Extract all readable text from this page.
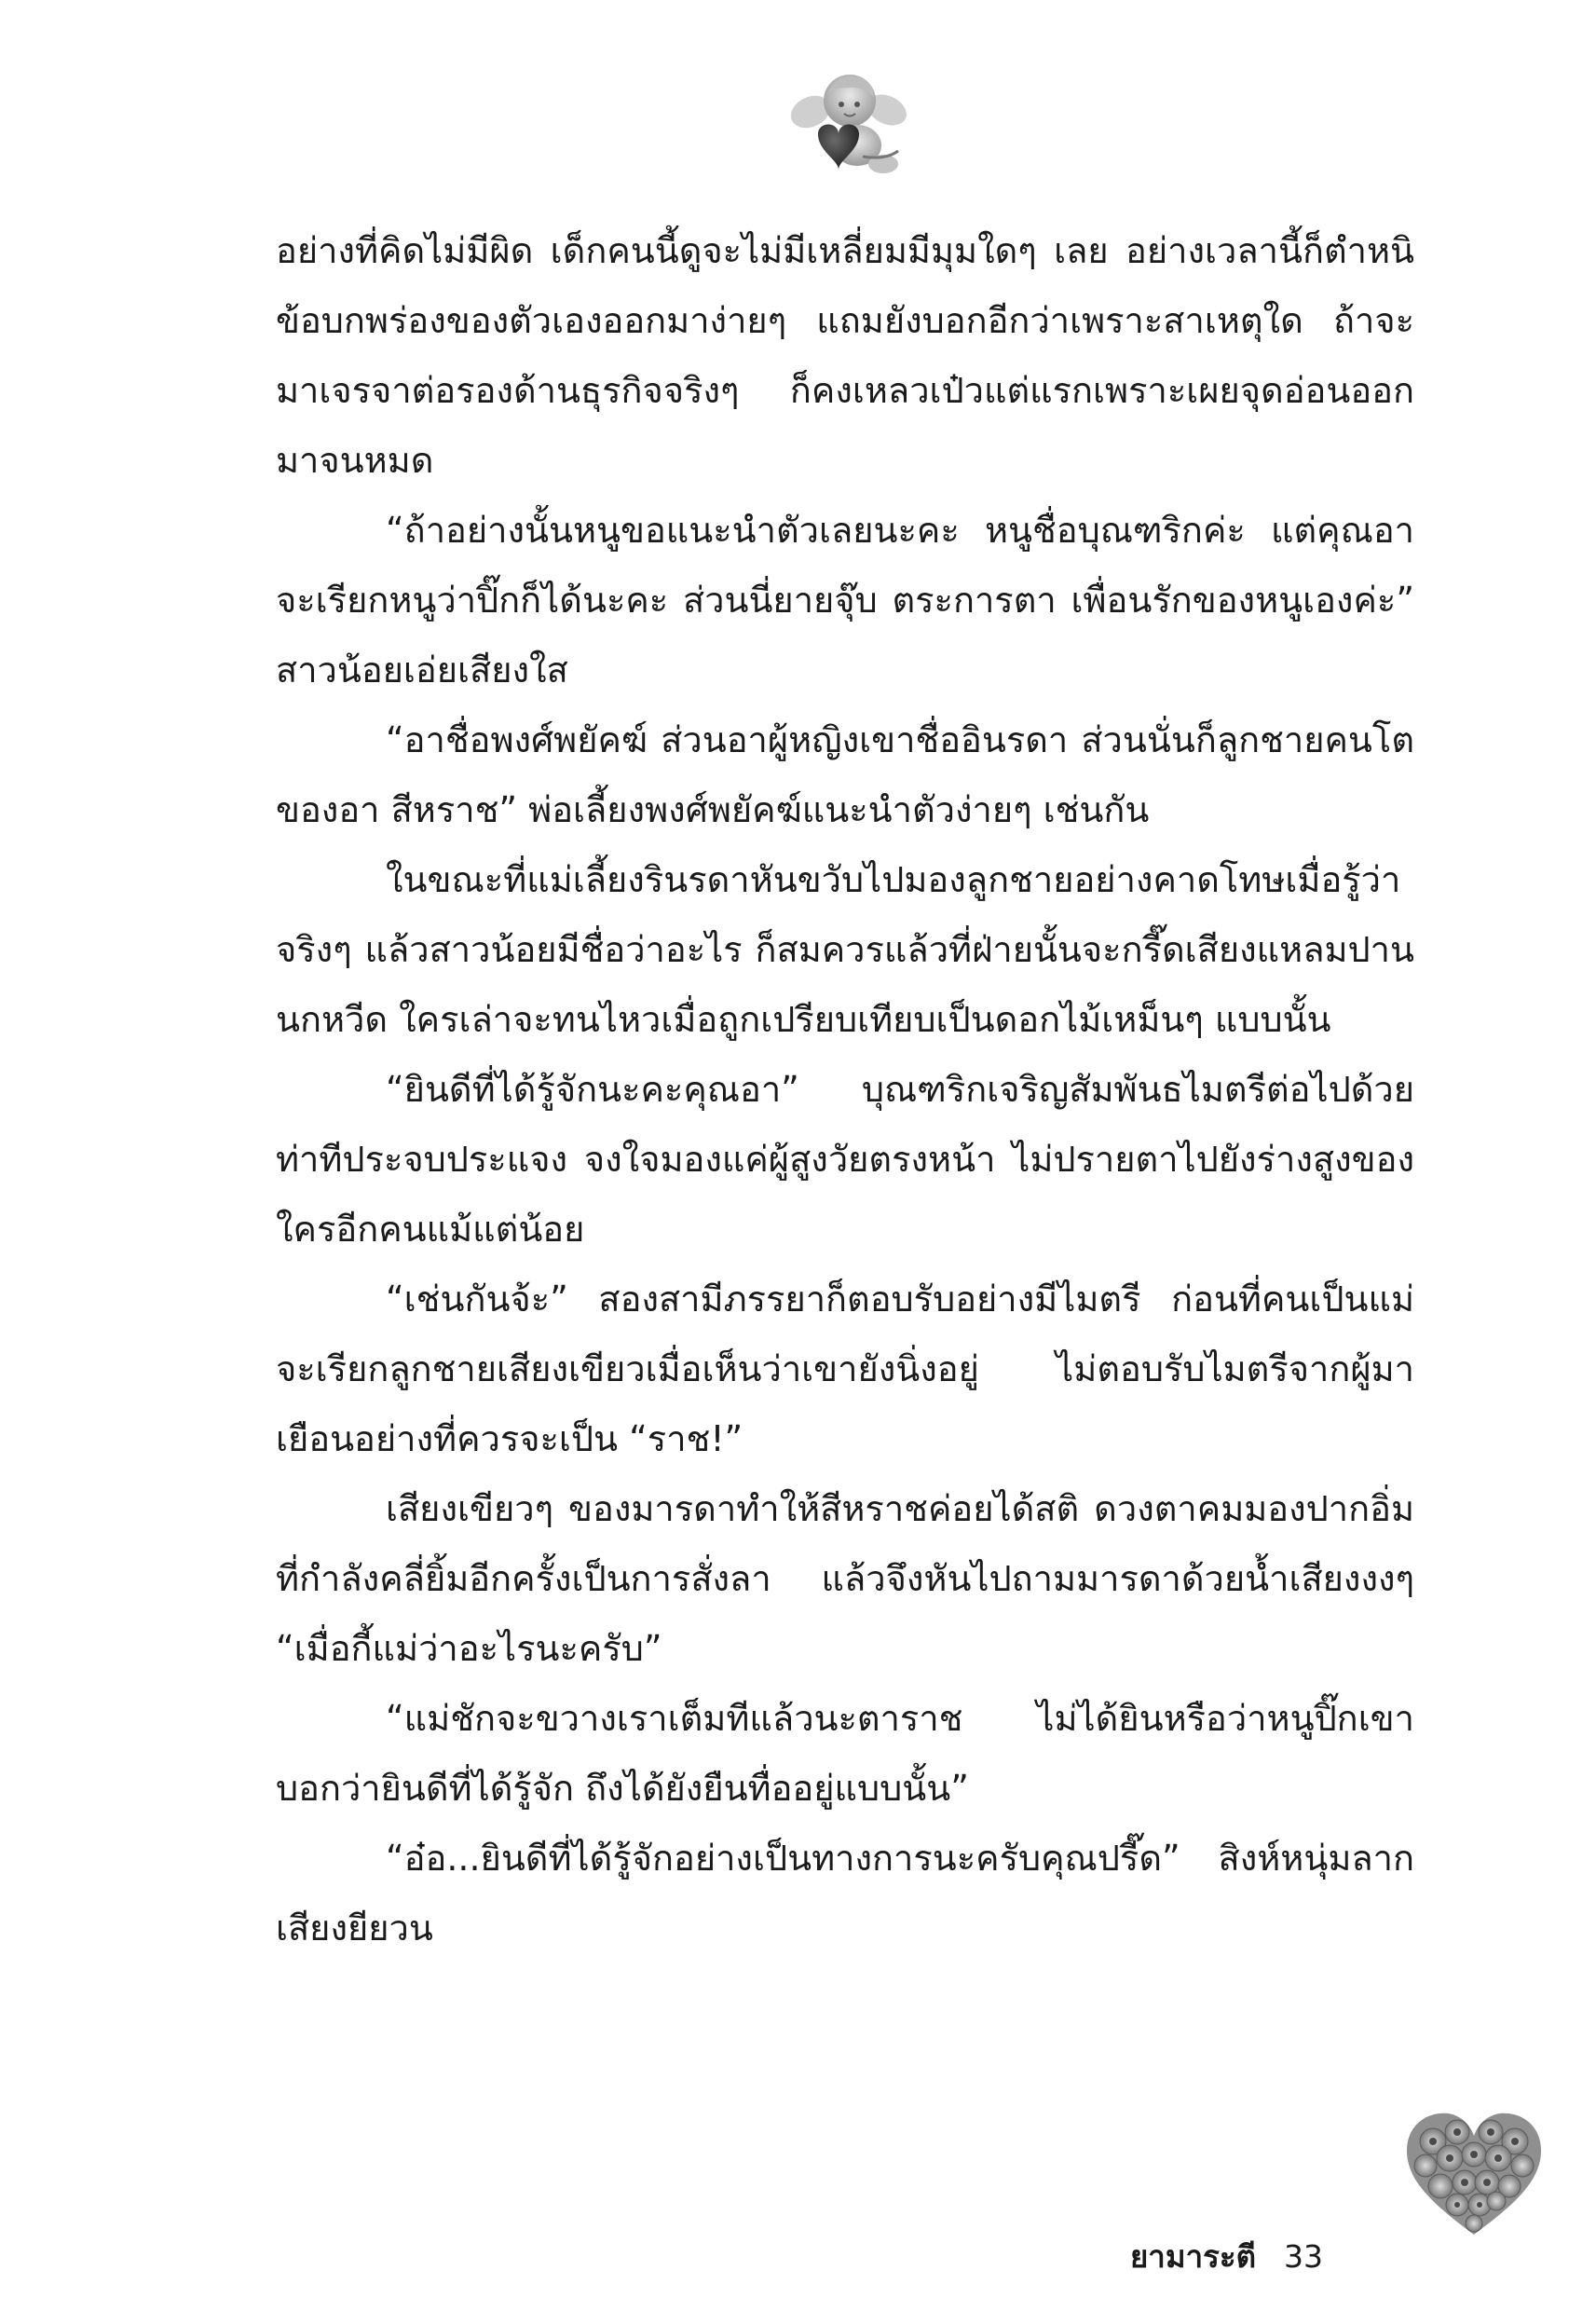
อย่างที่คิดไม่มีผิด เด็กคนนี้ดูจะไม่มีเหลี่ยมมีมุมใดๆ เลย อย่างเวลานี้ก็ตำหนิข้อบกพร่องของตัวเองออกมาง่ายๆ แถมยังบอกอีกว่าเพราะสาเหตุใด ถ้าจะมาเจรจาต่อรองด้านธุรกิจจริงๆ ก็คงเหลวเป๋วแต่แรกเพราะเผยจุดอ่อนออกมาจนหมด

“ถ้าอย่างนั้นหนูขอแนะนำตัวเลยนะคะ หนูชื่อบุณฑริกค่ะ แต่คุณอาจะเรียกหนูว่าปิ๊กก็ได้นะคะ ส่วนนี่ยายจุ๊บ ตระการตา เพื่อนรักของหนูเองค่ะ” สาวน้อยเอ่ยเสียงใส

“อาชื่อพงศ์พยัคฆ์ ส่วนอาผู้หญิงเขาชื่ออินรดา ส่วนนั่นก็ลูกชายคนโตของอา สีหราช” พ่อเลี้ยงพงศ์พยัคฆ์แนะนำตัวง่ายๆ เช่นกัน

ในขณะที่แม่เลี้ยงรินรดาหันขวับไปมองลูกชายอย่างคาดโทษเมื่อรู้ว่าจริงๆ แล้วสาวน้อยมีชื่อว่าอะไร ก็สมควรแล้วที่ฝ่ายนั้นจะกรี๊ดเสียงแหลมปานนกหวีด ใครเล่าจะทนไหวเมื่อถูกเปรียบเทียบเป็นดอกไม้เหม็นๆ แบบนั้น

“ยินดีที่ได้รู้จักนะคะคุณอา” บุณฑริกเจริญสัมพันธไมตรีต่อไปด้วยท่าทีประจบประแจง จงใจมองแค่ผู้สูงวัยตรงหน้า ไม่ปรายตาไปยังร่างสูงของใครอีกคนแม้แต่น้อย

“เช่นกันจ้ะ” สองสามีภรรยาก็ตอบรับอย่างมีไมตรี ก่อนที่คนเป็นแม่จะเรียกลูกชายเสียงเขียวเมื่อเห็นว่าเขายังนิ่งอยู่ ไม่ตอบรับไมตรีจากผู้มาเยือนอย่างที่ควรจะเป็น “ราช!”

เสียงเขียวๆ ของมารดาทำให้สีหราชค่อยได้สติ ดวงตาคมมองปากอิ่มที่กำลังคลี่ยิ้มอีกครั้งเป็นการสั่งลา แล้วจึงหันไปถามมารดาด้วยน้ำเสียงงงๆ “เมื่อกี้แม่ว่าอะไรนะครับ”

“แม่ชักจะขวางเราเต็มทีแล้วนะตาราช ไม่ได้ยินหรือว่าหนูปิ๊กเขาบอกว่ายินดีที่ได้รู้จัก ถึงได้ยังยืนทื่ออยู่แบบนั้น”

“อ๋อ...ยินดีที่ได้รู้จักอย่างเป็นทางการนะครับคุณปรี๊ด” สิงห์หนุ่มลากเสียงยียวน

ยามาระตี 33
